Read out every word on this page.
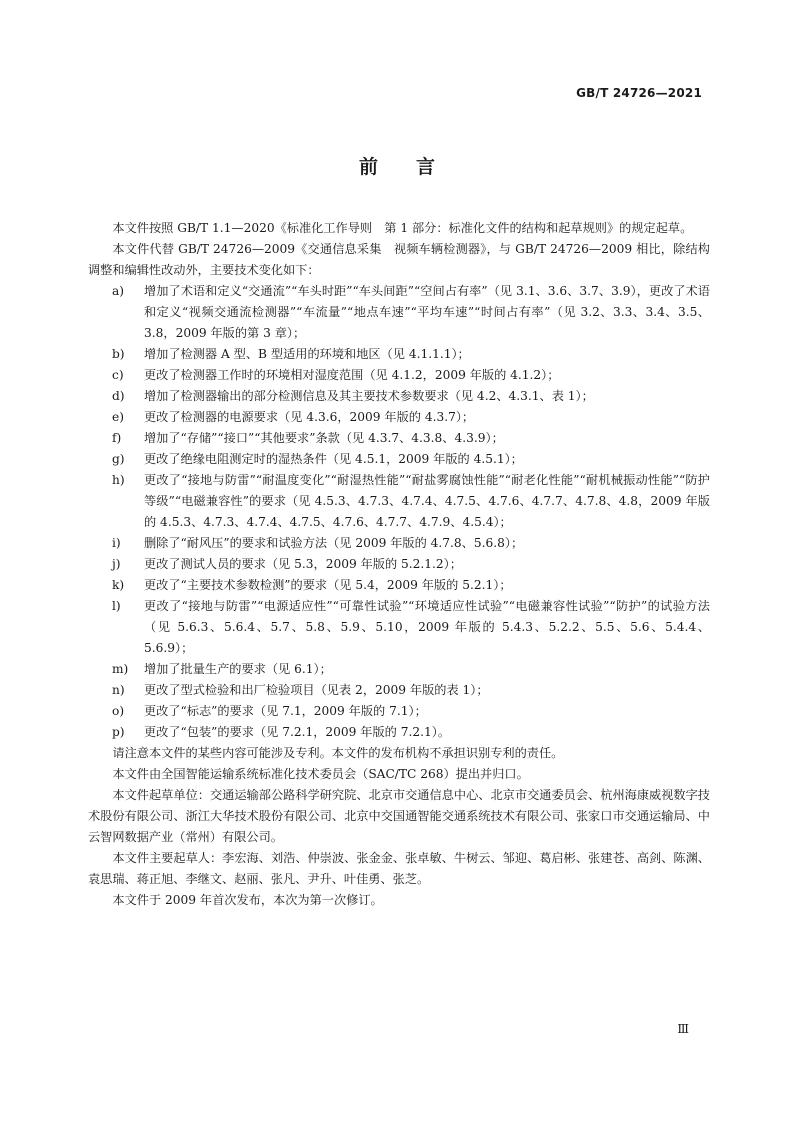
GB/T 24726—2021
前言

本文件按照 GB/T 1.1—2020《标准化工作导则　第 1 部分：标准化文件的结构和起草规则》的规定起草。

本文件代替 GB/T 24726—2009《交通信息采集　视频车辆检测器》，与 GB/T 24726—2009 相比，除结构调整和编辑性改动外，主要技术变化如下：

a) 增加了术语和定义“交通流”“车头时距”“车头间距”“空间占有率”（见 3.1、3.6、3.7、3.9），更改了术语和定义“视频交通流检测器”“车流量”“地点车速”“平均车速”“时间占有率”（见 3.2、3.3、3.4、3.5、3.8，2009 年版的第 3 章）；
b) 增加了检测器 A 型、B 型适用的环境和地区（见 4.1.1.1）；
c) 更改了检测器工作时的环境相对湿度范围（见 4.1.2，2009 年版的 4.1.2）；
d) 增加了检测器输出的部分检测信息及其主要技术参数要求（见 4.2、4.3.1、表 1）；
e) 更改了检测器的电源要求（见 4.3.6，2009 年版的 4.3.7）；
f) 增加了“存储”“接口”“其他要求”条款（见 4.3.7、4.3.8、4.3.9）；
g) 更改了绝缘电阻测定时的湿热条件（见 4.5.1，2009 年版的 4.5.1）；
h) 更改了“接地与防雷”“耐温度变化”“耐湿热性能”“耐盐雾腐蚀性能”“耐老化性能”“耐机械振动性能”“防护等级”“电磁兼容性”的要求（见 4.5.3、4.7.3、4.7.4、4.7.5、4.7.6、4.7.7、4.7.8、4.8，2009 年版的 4.5.3、4.7.3、4.7.4、4.7.5、4.7.6、4.7.7、4.7.9、4.5.4）；
i) 删除了“耐风压”的要求和试验方法（见 2009 年版的 4.7.8、5.6.8）；
j) 更改了测试人员的要求（见 5.3，2009 年版的 5.2.1.2）；
k) 更改了“主要技术参数检测”的要求（见 5.4，2009 年版的 5.2.1）；
l) 更改了“接地与防雷”“电源适应性”“可靠性试验”“环境适应性试验”“电磁兼容性试验”“防护”的试验方法（见 5.6.3、5.6.4、5.7、5.8、5.9、5.10，2009 年版的 5.4.3、5.2.2、5.5、5.6、5.4.4、5.6.9）；
m) 增加了批量生产的要求（见 6.1）；
n) 更改了型式检验和出厂检验项目（见表 2，2009 年版的表 1）；
o) 更改了“标志”的要求（见 7.1，2009 年版的 7.1）；
p) 更改了“包装”的要求（见 7.2.1，2009 年版的 7.2.1）。

请注意本文件的某些内容可能涉及专利。本文件的发布机构不承担识别专利的责任。

本文件由全国智能运输系统标准化技术委员会（SAC/TC 268）提出并归口。

本文件起草单位：交通运输部公路科学研究院、北京市交通信息中心、北京市交通委员会、杭州海康威视数字技术股份有限公司、浙江大华技术股份有限公司、北京中交国通智能交通系统技术有限公司、张家口市交通运输局、中云智网数据产业（常州）有限公司。

本文件主要起草人：李宏海、刘浩、仲崇波、张金金、张卓敏、牛树云、邹迎、葛启彬、张建苍、高剑、陈渊、袁思瑞、蒋正旭、李继文、赵丽、张凡、尹升、叶佳勇、张芝。

本文件于 2009 年首次发布，本次为第一次修订。

Ⅲ
